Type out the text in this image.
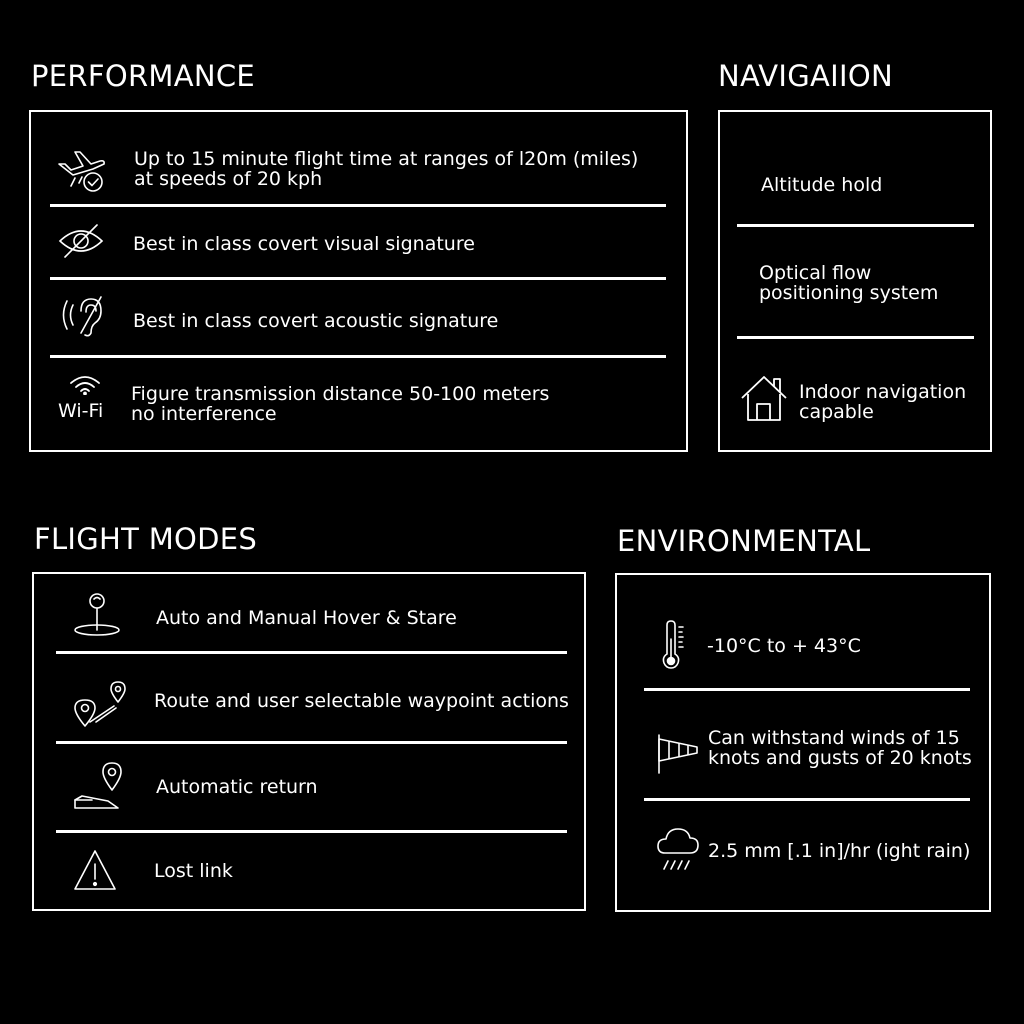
PERFORMANCE
Up to 15 minute flight time at ranges of l20m (miles)
at speeds of 20 kph
Best in class covert visual signature
Best in class covert acoustic signature
Wi-Fi
Figure transmission distance 50-100 meters
no interference
NAVIGAIION
Altitude hold
Optical flow
positioning system
Indoor navigation
capable
FLIGHT MODES
Auto and Manual Hover & Stare
Route and user selectable waypoint actions
Automatic return
Lost link
ENVIRONMENTAL
-10°C to + 43°C
Can withstand winds of 15
knots and gusts of 20 knots
2.5 mm [.1 in]/hr (ight rain)
